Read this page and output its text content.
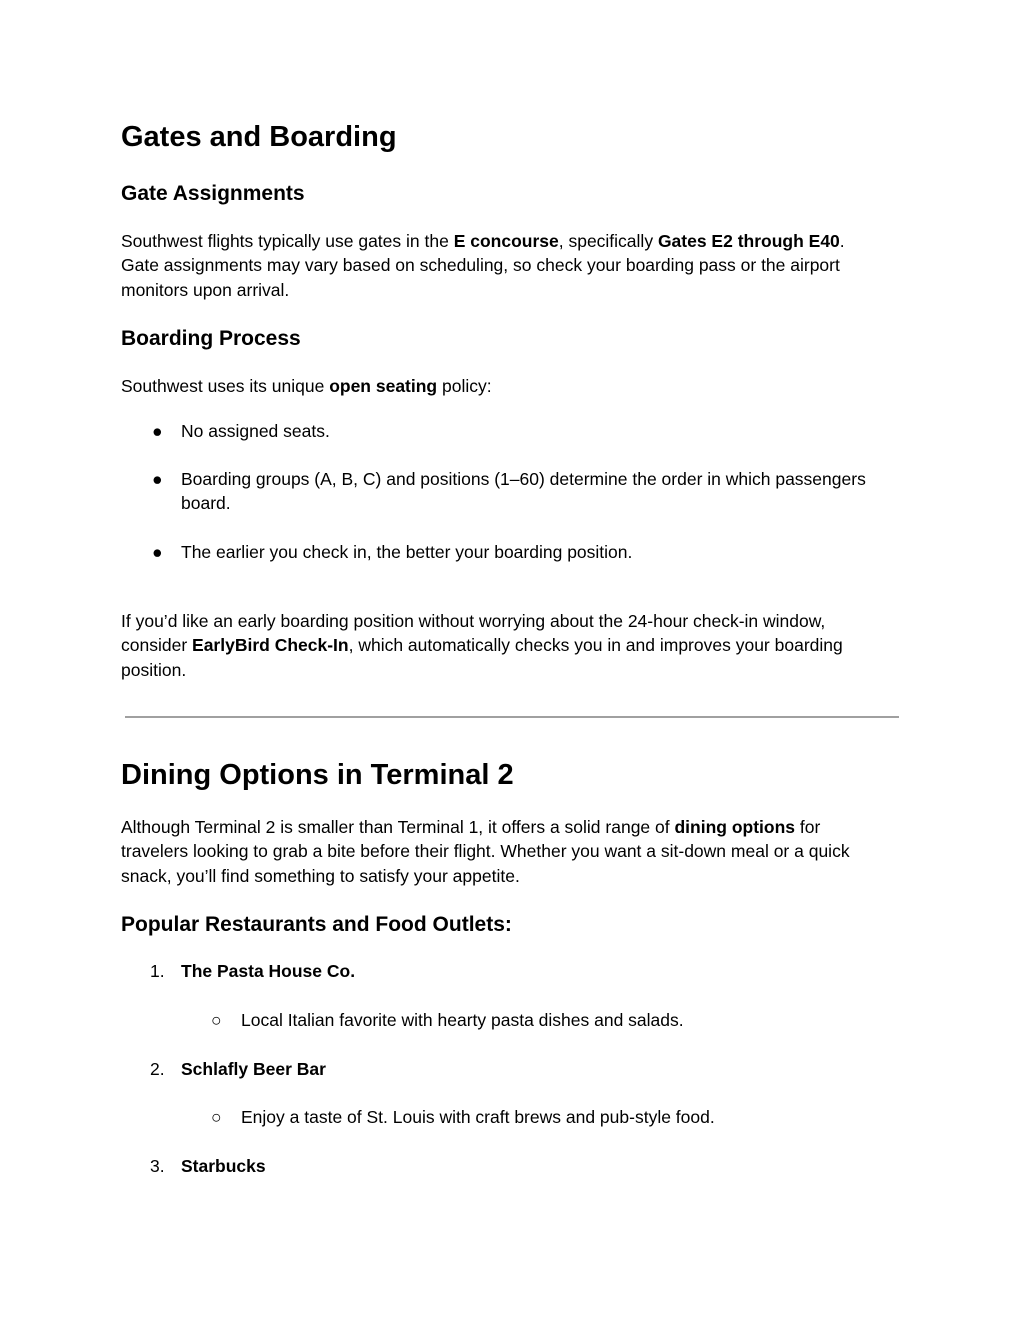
Gates and Boarding
Gate Assignments
Southwest flights typically use gates in the E concourse, specifically Gates E2 through E40.
Gate assignments may vary based on scheduling, so check your boarding pass or the airport
monitors upon arrival.
Boarding Process
Southwest uses its unique open seating policy:
● No assigned seats.
● Boarding groups (A, B, C) and positions (1–60) determine the order in which passengers
board.
● The earlier you check in, the better your boarding position.
If you’d like an early boarding position without worrying about the 24-hour check-in window,
consider EarlyBird Check-In, which automatically checks you in and improves your boarding
position.
Dining Options in Terminal 2
Although Terminal 2 is smaller than Terminal 1, it offers a solid range of dining options for
travelers looking to grab a bite before their flight. Whether you want a sit-down meal or a quick
snack, you’ll find something to satisfy your appetite.
Popular Restaurants and Food Outlets:
1. The Pasta House Co.
○ Local Italian favorite with hearty pasta dishes and salads.
2. Schlafly Beer Bar
○ Enjoy a taste of St. Louis with craft brews and pub-style food.
3. Starbucks
